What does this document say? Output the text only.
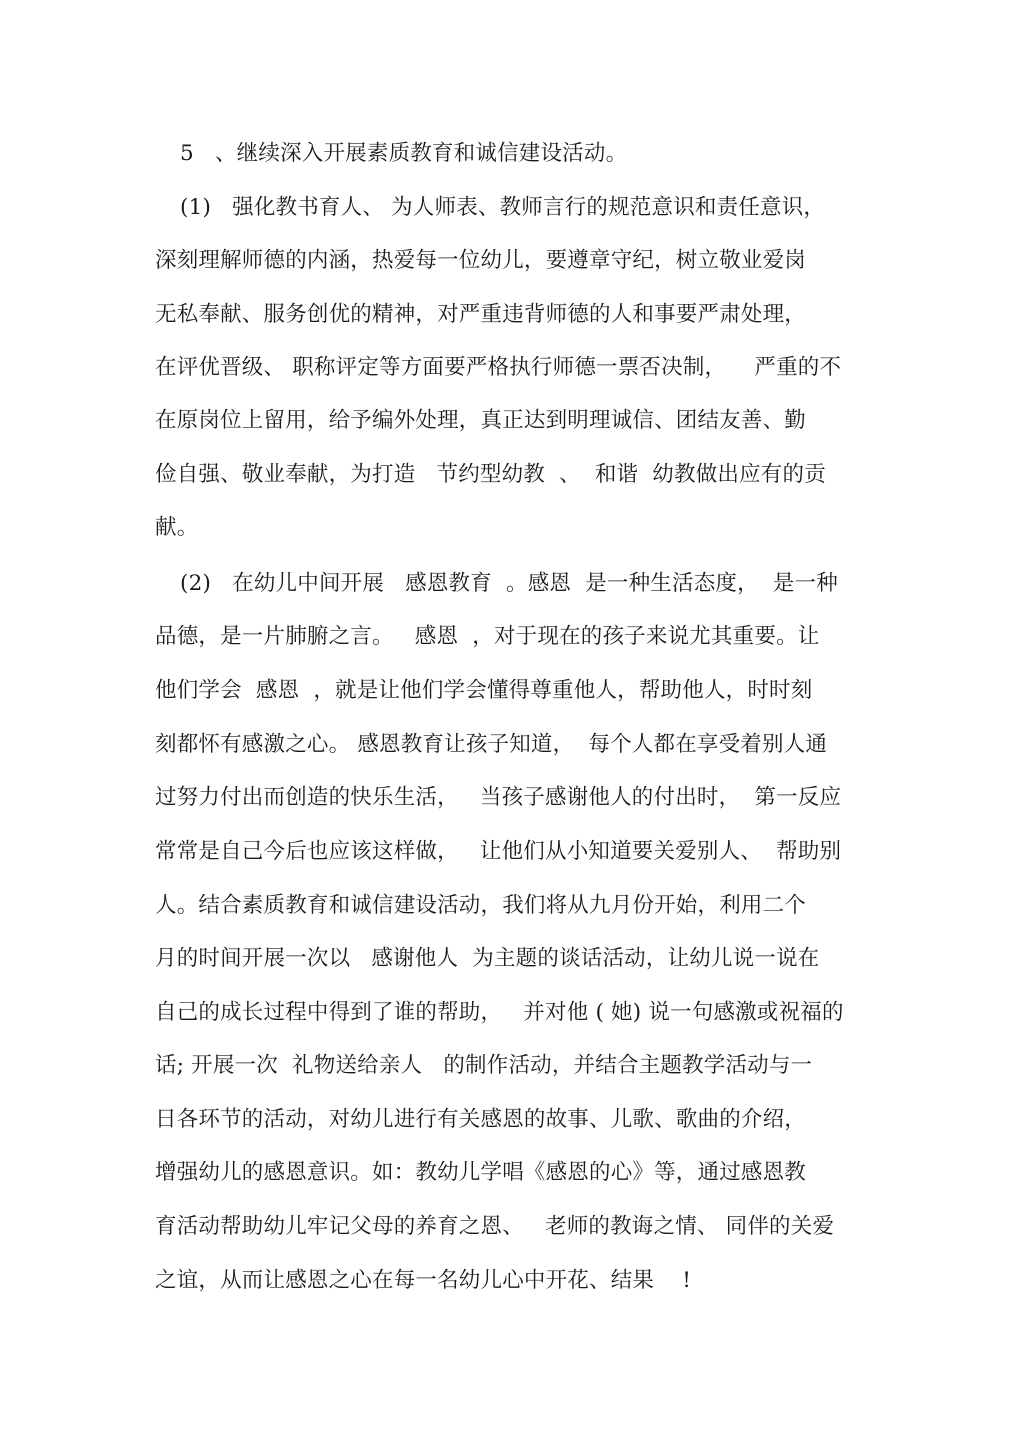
5   、继续深入开展素质教育和诚信建设活动。
(1)   强化教书育人、 为人师表、教师言行的规范意识和责任意识，
深刻理解师德的内涵，热爱每一位幼儿，要遵章守纪，树立敬业爱岗
无私奉献、服务创优的精神，对严重违背师德的人和事要严肃处理，
在评优晋级、 职称评定等方面要严格执行师德一票否决制，    严重的不
在原岗位上留用，给予编外处理，真正达到明理诚信、团结友善、勤
俭自强、敬业奉献，为打造   节约型幼教  、  和谐  幼教做出应有的贡
献。
(2)   在幼儿中间开展   感恩教育  。感恩  是一种生活态度，  是一种
品德，是一片肺腑之言。   感恩  ，对于现在的孩子来说尤其重要。让
他们学会  感恩  ，就是让他们学会懂得尊重他人，帮助他人，时时刻
刻都怀有感激之心。 感恩教育让孩子知道，  每个人都在享受着别人通
过努力付出而创造的快乐生活，   当孩子感谢他人的付出时，  第一反应
常常是自己今后也应该这样做，   让他们从小知道要关爱别人、  帮助别
人。结合素质教育和诚信建设活动，我们将从九月份开始，利用二个
月的时间开展一次以   感谢他人  为主题的谈话活动，让幼儿说一说在
自己的成长过程中得到了谁的帮助，   并对他 ( 她) 说一句感激或祝福的
话; 开展一次  礼物送给亲人   的制作活动，并结合主题教学活动与一
日各环节的活动，对幼儿进行有关感恩的故事、儿歌、歌曲的介绍，
增强幼儿的感恩意识。如：教幼儿学唱《感恩的心》等，通过感恩教
育活动帮助幼儿牢记父母的养育之恩、   老师的教诲之情、 同伴的关爱
之谊，从而让感恩之心在每一名幼儿心中开花、结果    !
